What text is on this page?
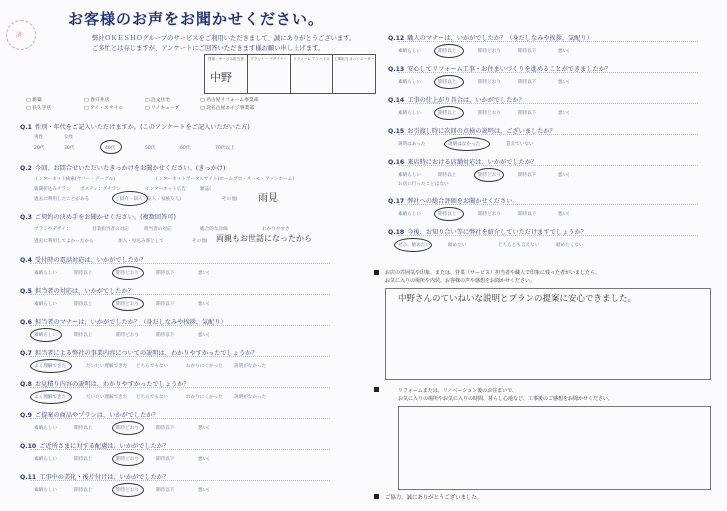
済
お客様のお声をお聞かせください。
弊社ＯＫＥＳＨＯグループのサービスをご利用いただきまして、誠にありがとうございます。
ご多忙とは存じますが、アンケートにご回答いただきます様お願い申し上げます。
営業・サービス担当者	プランナー デザイナー	リフォーム アドバイス	工事担当 ネゴシエーター
中野
□ 新築	□ 春日井店	□ 注文住宅
□ 長久手店	□ アイ・スタイル	□ リノキューブ
□ 名古屋リフォーム事業部
□ 北名古屋エイジ事業部
Q.1 性別・年代をご記入いただけますか。(このアンケートをご記入いただいた方)
男性	女性
20代	30代	40代	50代	60代	70代以上
Q.2 今回、お問合せいただいたきっかけをお聞かせください。(きっかけ)
インターネット検索(ヤフー・グーグル)	インターネットポータルサイト(ホームプロ・スーモ・アットホーム)
新聞折込みチラシ ポスティングチラシ	インターネット広告	雑誌(
過去に利用したことがある	ご紹介・知人・友人・家族友人)	その他( 雨見
Q.3 ご契約の決め手をお聞かせください。(複数回答可)
プランやデザイン	営業担当者の対応	担当者の対応	総合的な評価	わかりやすさ
過去に利用してよかったから	加入・見込み客として	その他( 両親もお世話になったから
Q.4 受付時の電話対応は、いかがでしたか？
素晴らしい	期待以上	期待どおり	期待以下	悪い(
Q.5 担当者の対応は、いかがでしたか？
素晴らしい	期待以上	期待どおり	期待以下	悪い(
Q.6 担当者のマナーは、いかがでしたか？（身だしなみや挨拶、気配り）
素晴らしい	期待以上	期待どおり	期待以下	悪い(
Q.7 担当者による弊社の事業内容についての説明は、わかりやすかったでしょうか？
よく理解できた	だいたい理解できた どちらでもない	わかりにくかった 説明がなかった
Q.8 お見積り内容の説明は、わかりやすかったでしょうか？
よく理解できた	だいたい理解できた どちらでもない	わかりにくかった 説明がなかった
Q.9 ご提案の商品やプランは、いかがでしたか？
素晴らしい	期待以上	期待どおり	期待以下	悪い(
Q.10 ご近所さまに対する配慮は、いかがでしたか？
素晴らしい	期待以上	期待どおり	期待以下	悪い(
Q.11 工事中の美化・後片付けは、いかがでしたか？
素晴らしい	期待以上	期待どおり	期待以下	悪い(
Q.12 職人のマナーは、いかがでしたか？（身だしなみや挨拶、気配り）
素晴らしい	期待以上	期待どおり	期待以下	悪い(
Q.13 安心してリフォーム工事・お住まいづくりを進めることができましたか？
素晴らしい	期待以上	期待どおり	期待以下	悪い(
Q.14 工事の仕上がり具合は、いかがでしたか？
素晴らしい	期待以上	期待どおり	期待以下	悪い(
Q.15 お引渡し時に次回の点検の説明は、ございましたか？
説明はあった	説明はなかった	覚えていない
Q.16 来店時における店舗対応は、いかがでしたか？
素晴らしい	期待以上	期待どおり	期待以下	悪い(
お店に行ったことはない
Q.17 弊社への総合評価をお聞かせください。
素晴らしい	期待以上	期待どおり	期待以下	悪い(
Q.18 今後、お知り合い等に弊社を紹介していただけますでしょうか？
ぜひ、勧めたい	勧めたい	どちらとも言えない	勧めたくない
お店の雰囲気や印象、または、営業（サービス）担当者や職人で印象に残った者がいましたら、
お気に入りの場所や内装、お客様の声や感想をお聞かせください。
中野さんのていねいな説明とプランの提案に安心できました。
リフォームまたは、リノベーション後のお住まいで、
お気に入りの場所やお気に入りの時間、暮らし心地など、工事後のご感想をお聞かせください。
ご協力、誠にありがとうございました。
